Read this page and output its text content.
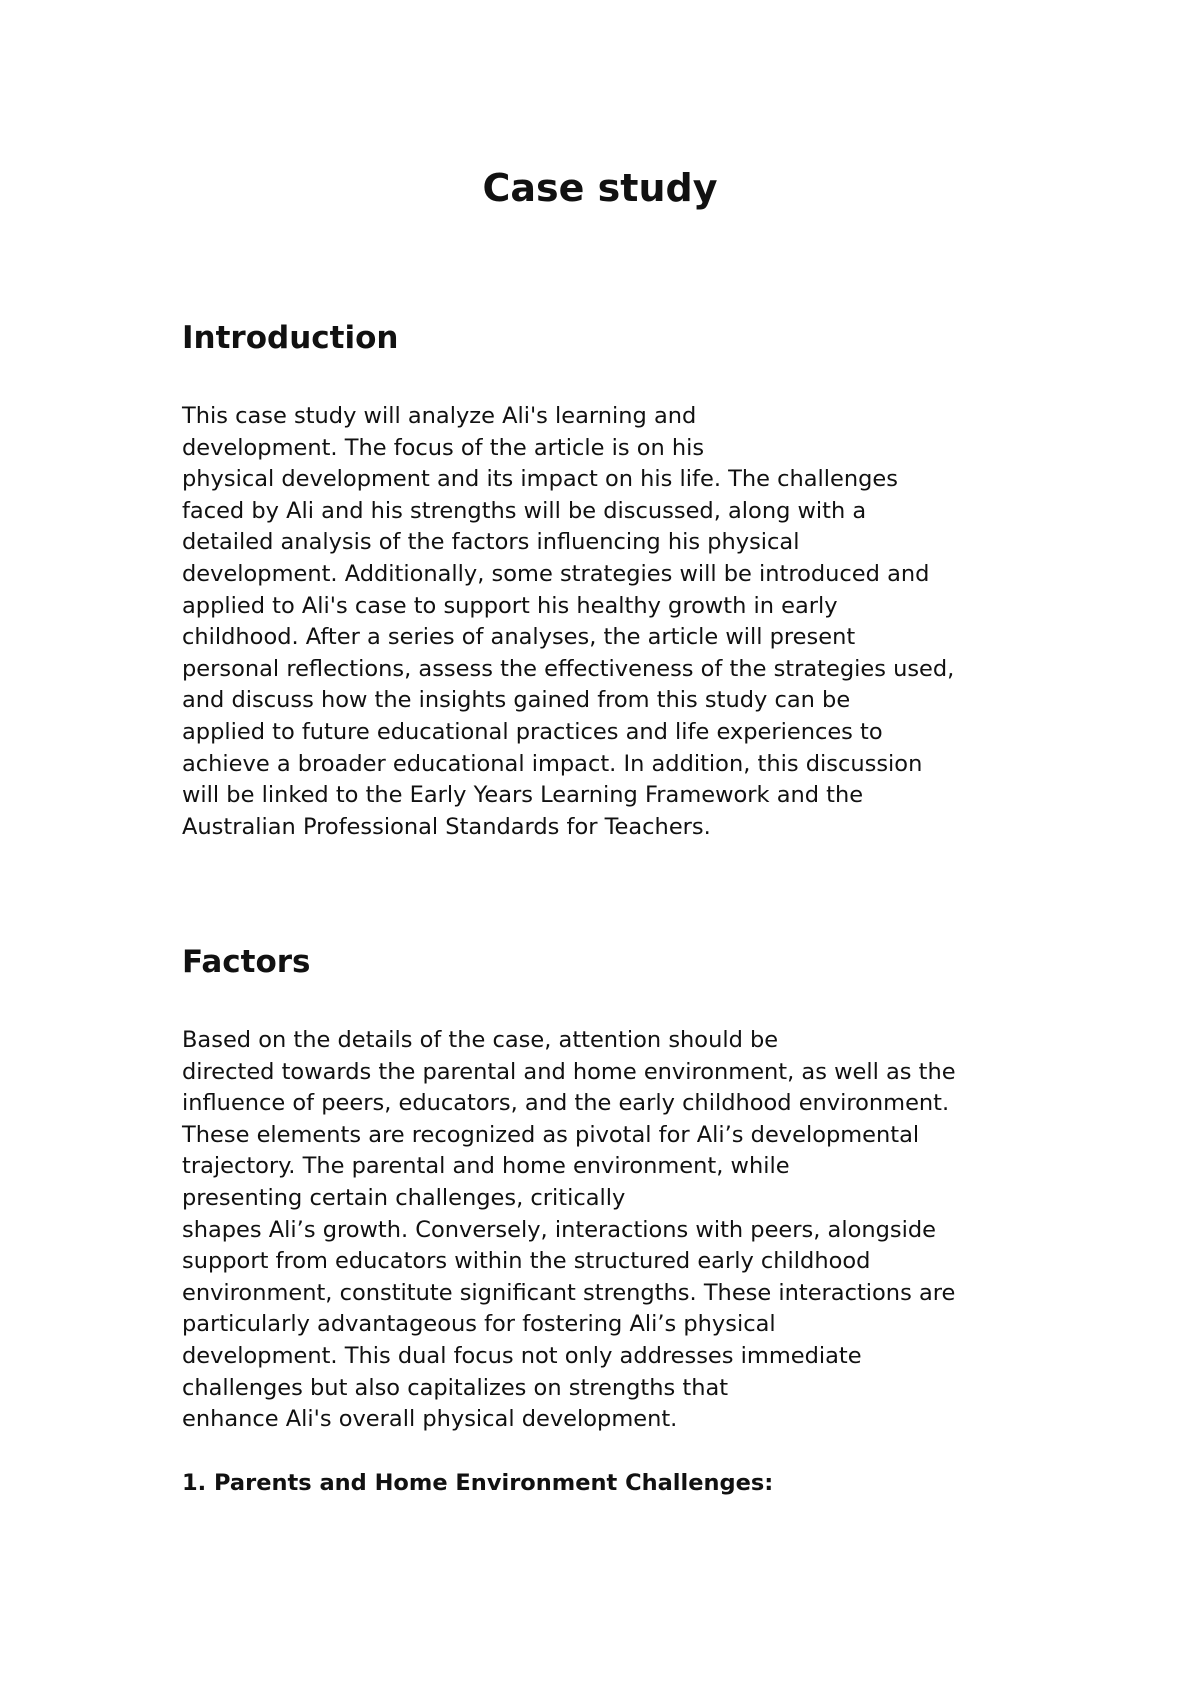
Case study
Introduction
This case study will analyze Ali's learning and
development. The focus of the article is on his
physical development and its impact on his life. The challenges
faced by Ali and his strengths will be discussed, along with a
detailed analysis of the factors influencing his physical
development. Additionally, some strategies will be introduced and
applied to Ali's case to support his healthy growth in early
childhood. After a series of analyses, the article will present
personal reflections, assess the effectiveness of the strategies used,
and discuss how the insights gained from this study can be
applied to future educational practices and life experiences to
achieve a broader educational impact. In addition, this discussion
will be linked to the Early Years Learning Framework and the
Australian Professional Standards for Teachers.
Factors
Based on the details of the case, attention should be
directed towards the parental and home environment, as well as the
influence of peers, educators, and the early childhood environment.
These elements are recognized as pivotal for Ali’s developmental
trajectory. The parental and home environment, while
presenting certain challenges, critically
shapes Ali’s growth. Conversely, interactions with peers, alongside
support from educators within the structured early childhood
environment, constitute significant strengths. These interactions are
particularly advantageous for fostering Ali’s physical
development. This dual focus not only addresses immediate
challenges but also capitalizes on strengths that
enhance Ali's overall physical development.
1. Parents and Home Environment Challenges:
